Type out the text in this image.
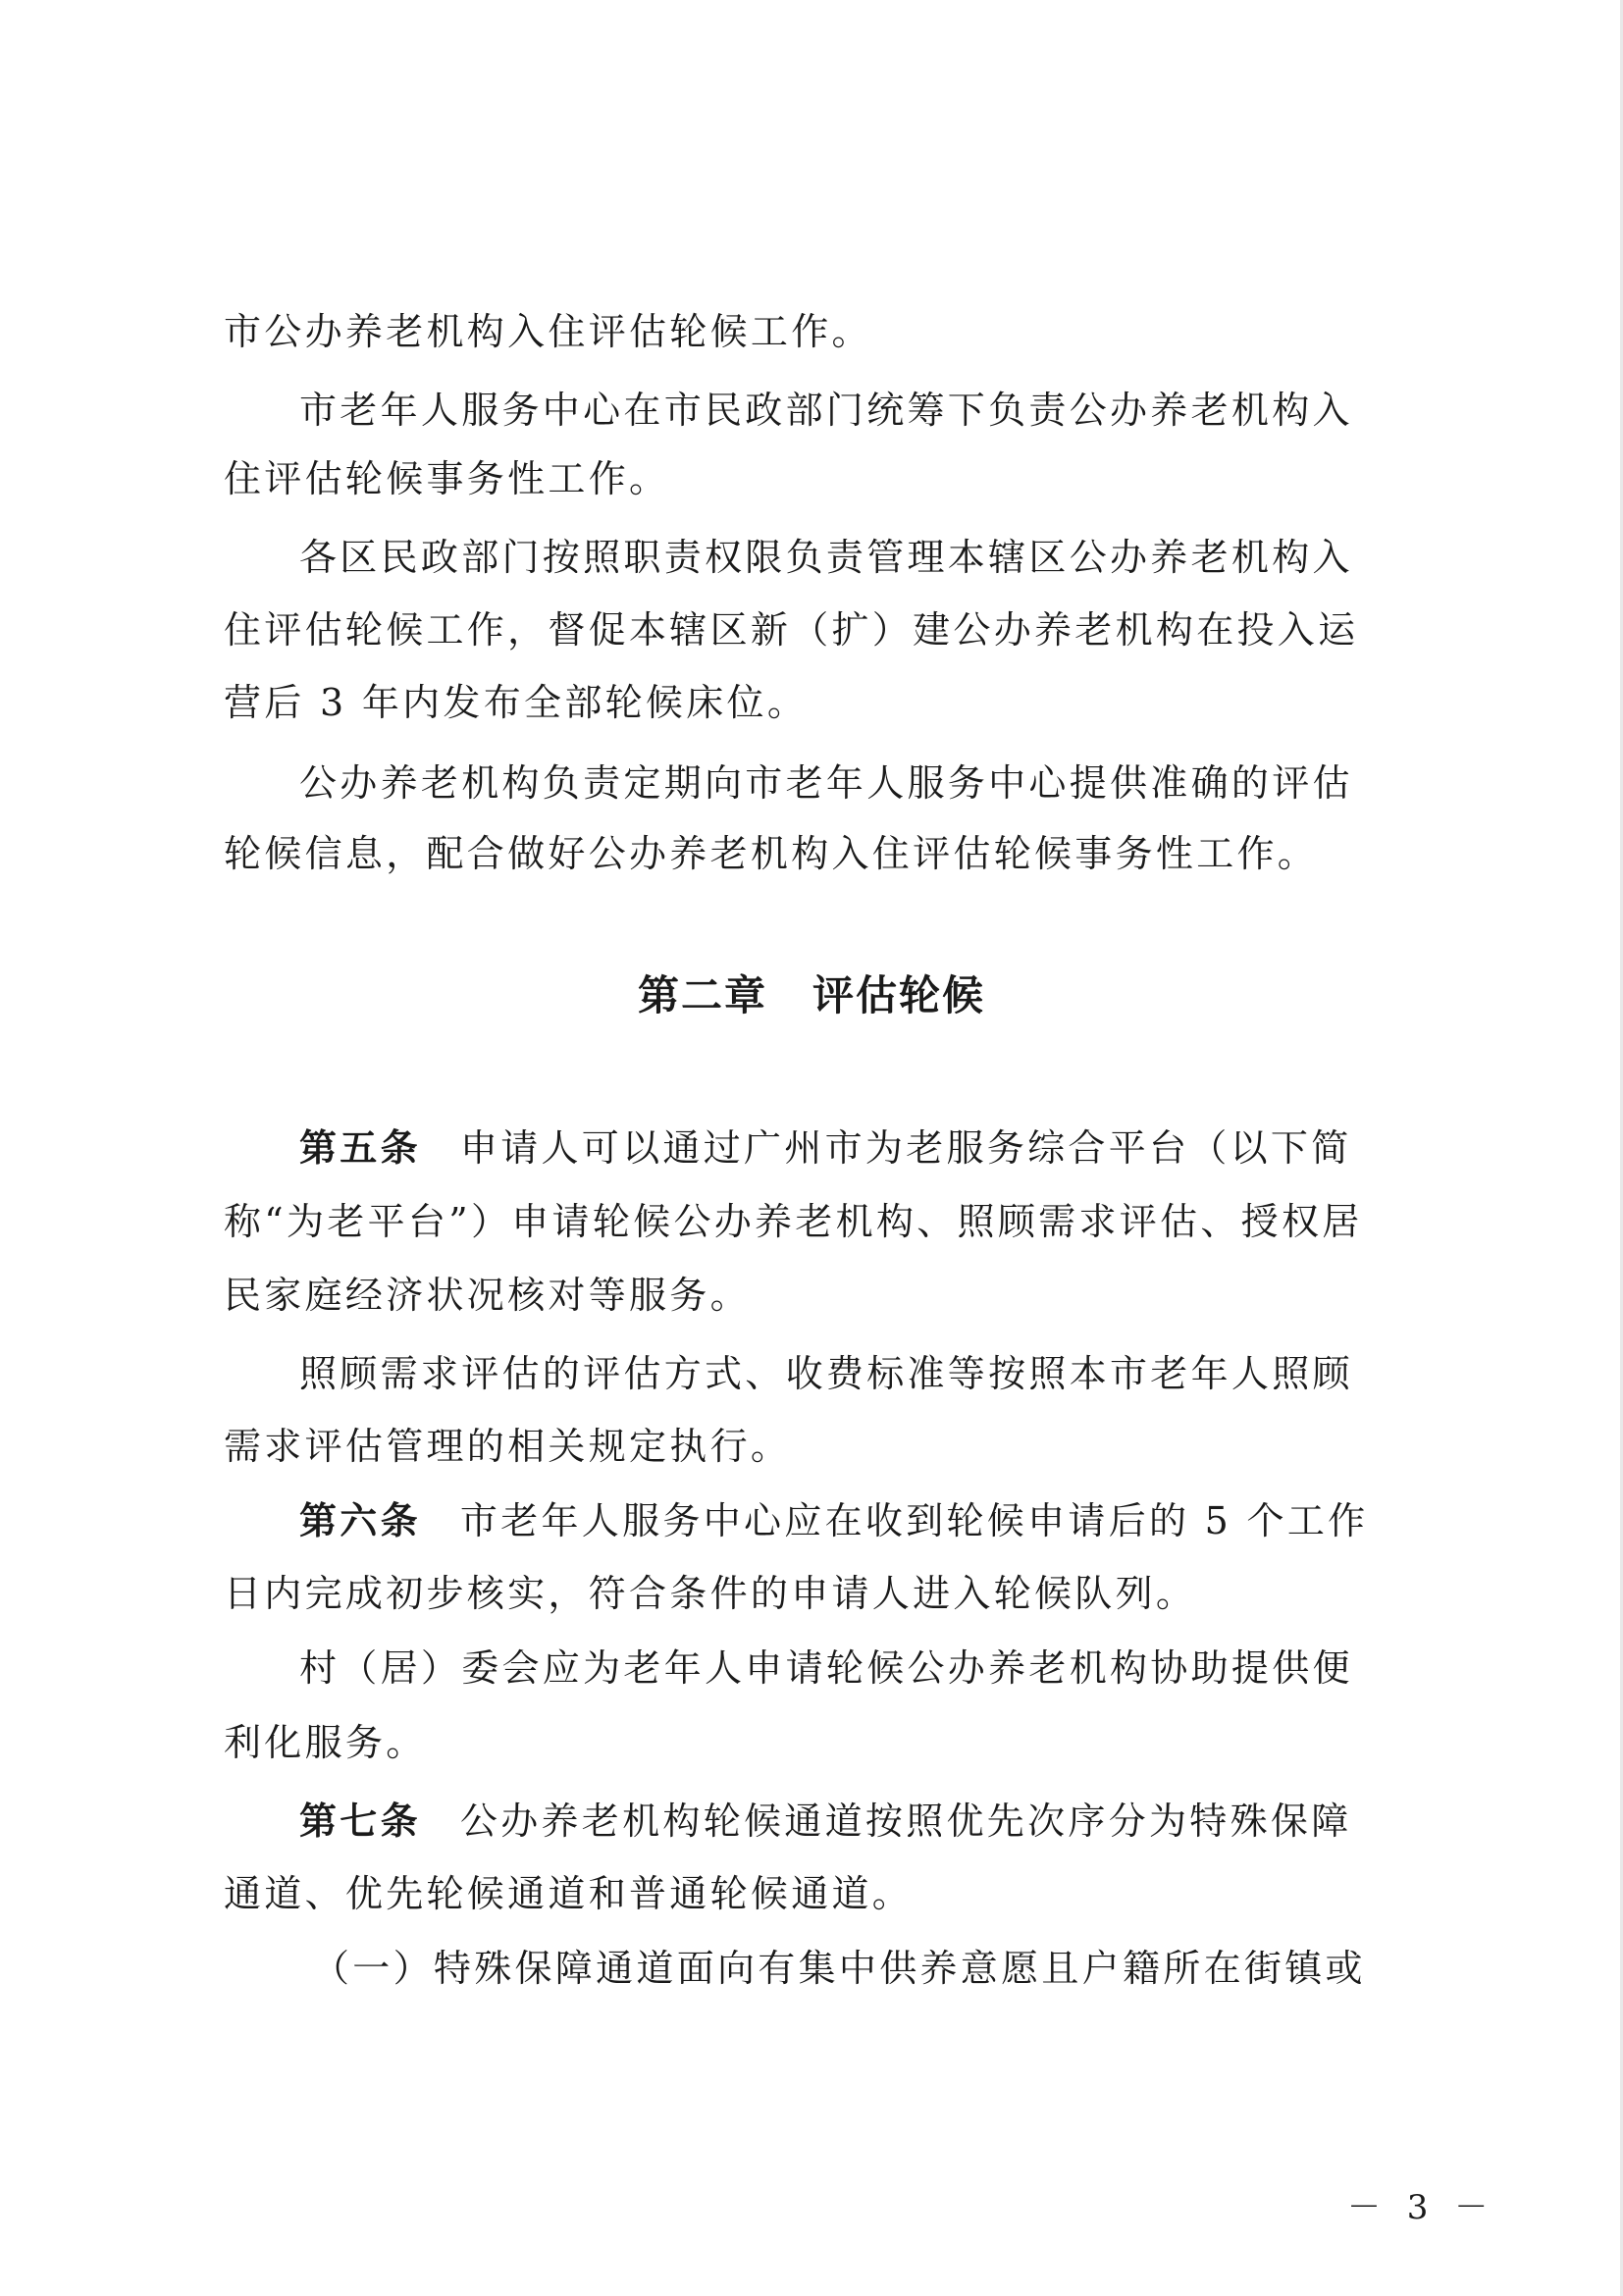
市公办养老机构入住评估轮候工作。
市老年人服务中心在市民政部门统筹下负责公办养老机构入
住评估轮候事务性工作。
各区民政部门按照职责权限负责管理本辖区公办养老机构入
住评估轮候工作，督促本辖区新（扩）建公办养老机构在投入运
营后 3 年内发布全部轮候床位。
公办养老机构负责定期向市老年人服务中心提供准确的评估
轮候信息，配合做好公办养老机构入住评估轮候事务性工作。
第二章 评估轮候
第五条 申请人可以通过广州市为老服务综合平台（以下简
称“为老平台”）申请轮候公办养老机构、照顾需求评估、授权居
民家庭经济状况核对等服务。
照顾需求评估的评估方式、收费标准等按照本市老年人照顾
需求评估管理的相关规定执行。
第六条 市老年人服务中心应在收到轮候申请后的 5 个工作
日内完成初步核实，符合条件的申请人进入轮候队列。
村（居）委会应为老年人申请轮候公办养老机构协助提供便
利化服务。
第七条 公办养老机构轮候通道按照优先次序分为特殊保障
通道、优先轮候通道和普通轮候通道。
（一）特殊保障通道面向有集中供养意愿且户籍所在街镇或
－ 3 －
